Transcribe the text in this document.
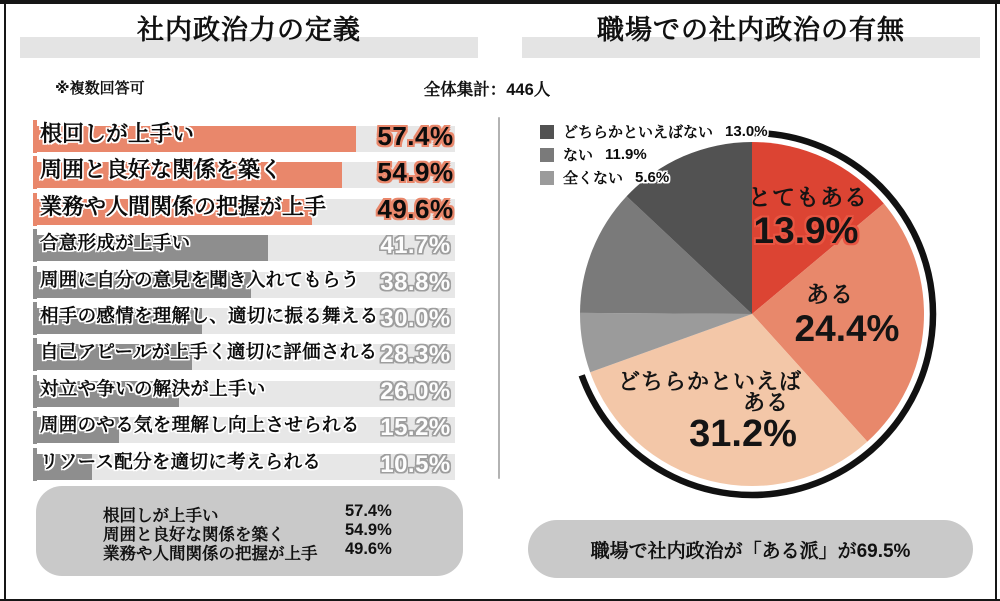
社内政治力の定義	職場での社内政治の有無
※複数回答可	全体集計：446人
根回しが上手い	57.4%
周囲と良好な関係を築く	54.9%
業務や人間関係の把握が上手	49.6%
合意形成が上手い	41.7%
周囲に自分の意見を聞き入れてもらう 38.8%
相手の感情を理解し、適切に振る舞える 30.0%
自己アピールが上手く適切に評価される 28.3%
対立や争いの解決が上手い	26.0%
周囲のやる気を理解し向上させられる 15.2%
リソース配分を適切に考えられる	10.5%
根回しが上手い	57.4%
周囲と良好な関係を築く	54.9%
業務や人間関係の把握が上手	49.6%
とてもある
13.9%
ある
24.4%
どちらかといえば
ある
31.2%
どちらかといえばない 13.0%
ない 11.9%
全くない 5.6%
職場で社内政治が「ある派」が69.5%
